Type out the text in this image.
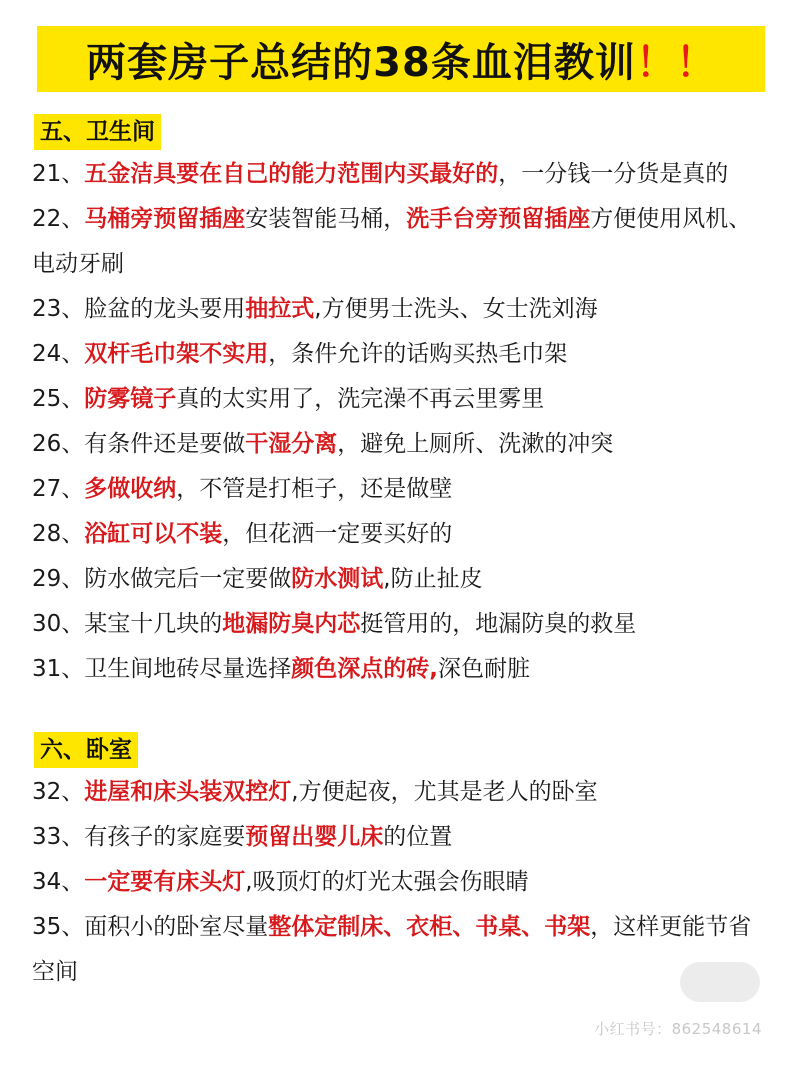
两套房子总结的38条血泪教训 ！！
五、卫生间
21、五金洁具要在自己的能力范围内买最好的，一分钱一分货是真的
22、马桶旁预留插座安装智能马桶，洗手台旁预留插座方便使用风机、电动牙刷
23、脸盆的龙头要用抽拉式,方便男士洗头、女士洗刘海
24、双杆毛巾架不实用，条件允许的话购买热毛巾架
25、防雾镜子真的太实用了，洗完澡不再云里雾里
26、有条件还是要做干湿分离，避免上厕所、洗漱的冲突
27、多做收纳，不管是打柜子，还是做壁
28、浴缸可以不装，但花洒一定要买好的
29、防水做完后一定要做防水测试,防止扯皮
30、某宝十几块的地漏防臭内芯挺管用的，地漏防臭的救星
31、卫生间地砖尽量选择颜色深点的砖,深色耐脏
六、卧室
32、进屋和床头装双控灯,方便起夜，尤其是老人的卧室
33、有孩子的家庭要预留出婴儿床的位置
34、一定要有床头灯,吸顶灯的灯光太强会伤眼睛
35、面积小的卧室尽量整体定制床、衣柜、书桌、书架，这样更能节省空间
小红书号：862548614
